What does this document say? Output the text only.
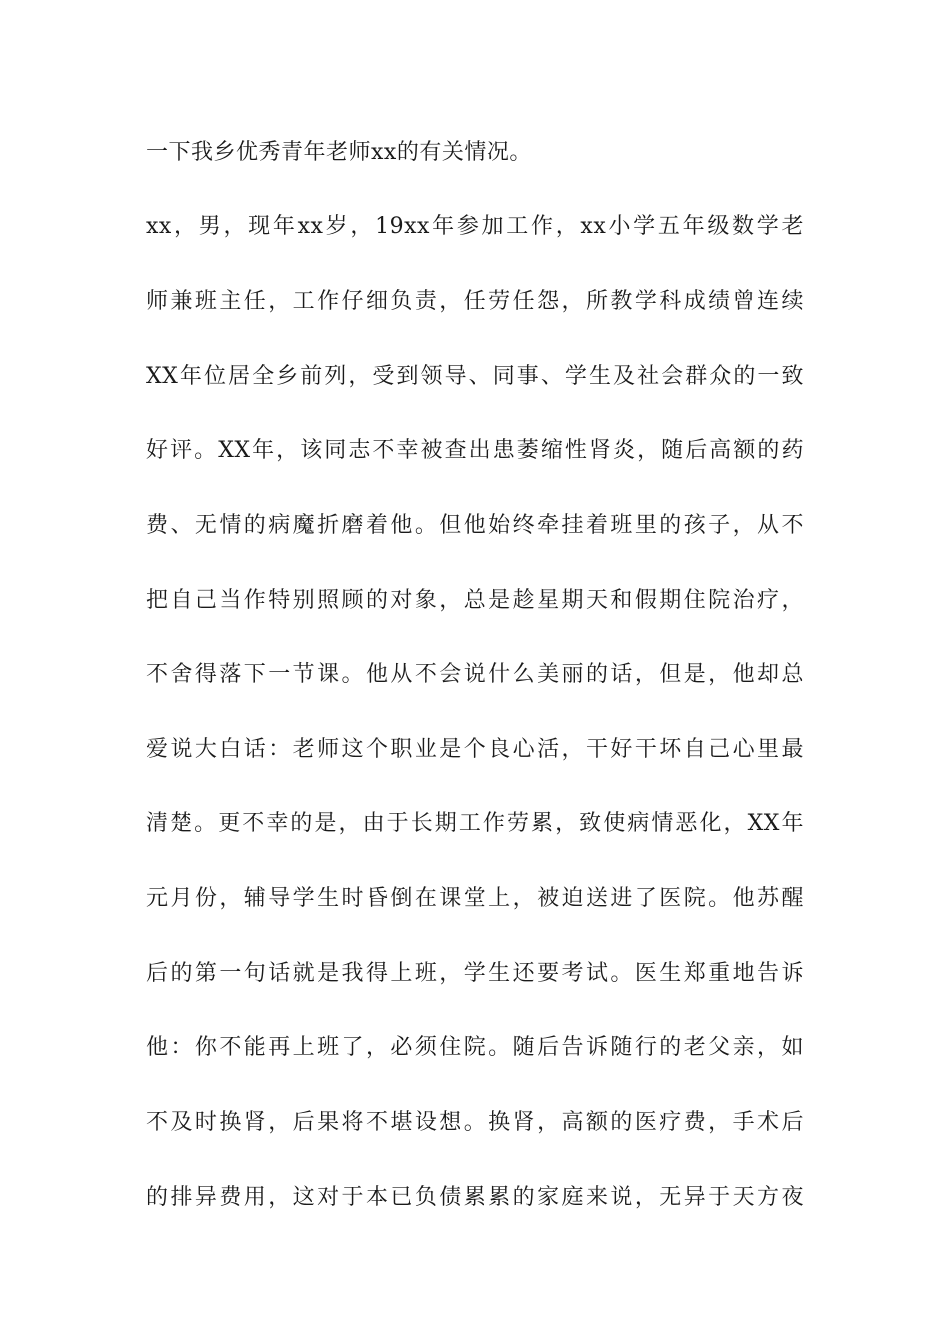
一下我乡优秀青年老师xx的有关情况。
xx，男，现年xx岁，19xx年参加工作，xx小学五年级数学老
师兼班主任，工作仔细负责，任劳任怨，所教学科成绩曾连续
XX年位居全乡前列，受到领导、同事、学生及社会群众的一致
好评。XX年，该同志不幸被查出患萎缩性肾炎，随后高额的药
费、无情的病魔折磨着他。但他始终牵挂着班里的孩子，从不
把自己当作特别照顾的对象，总是趁星期天和假期住院治疗，
不舍得落下一节课。他从不会说什么美丽的话，但是，他却总
爱说大白话：老师这个职业是个良心活，干好干坏自己心里最
清楚。更不幸的是，由于长期工作劳累，致使病情恶化，XX年
元月份，辅导学生时昏倒在课堂上，被迫送进了医院。他苏醒
后的第一句话就是我得上班，学生还要考试。医生郑重地告诉
他：你不能再上班了，必须住院。随后告诉随行的老父亲，如
不及时换肾，后果将不堪设想。换肾，高额的医疗费，手术后
的排异费用，这对于本已负债累累的家庭来说，无异于天方夜
